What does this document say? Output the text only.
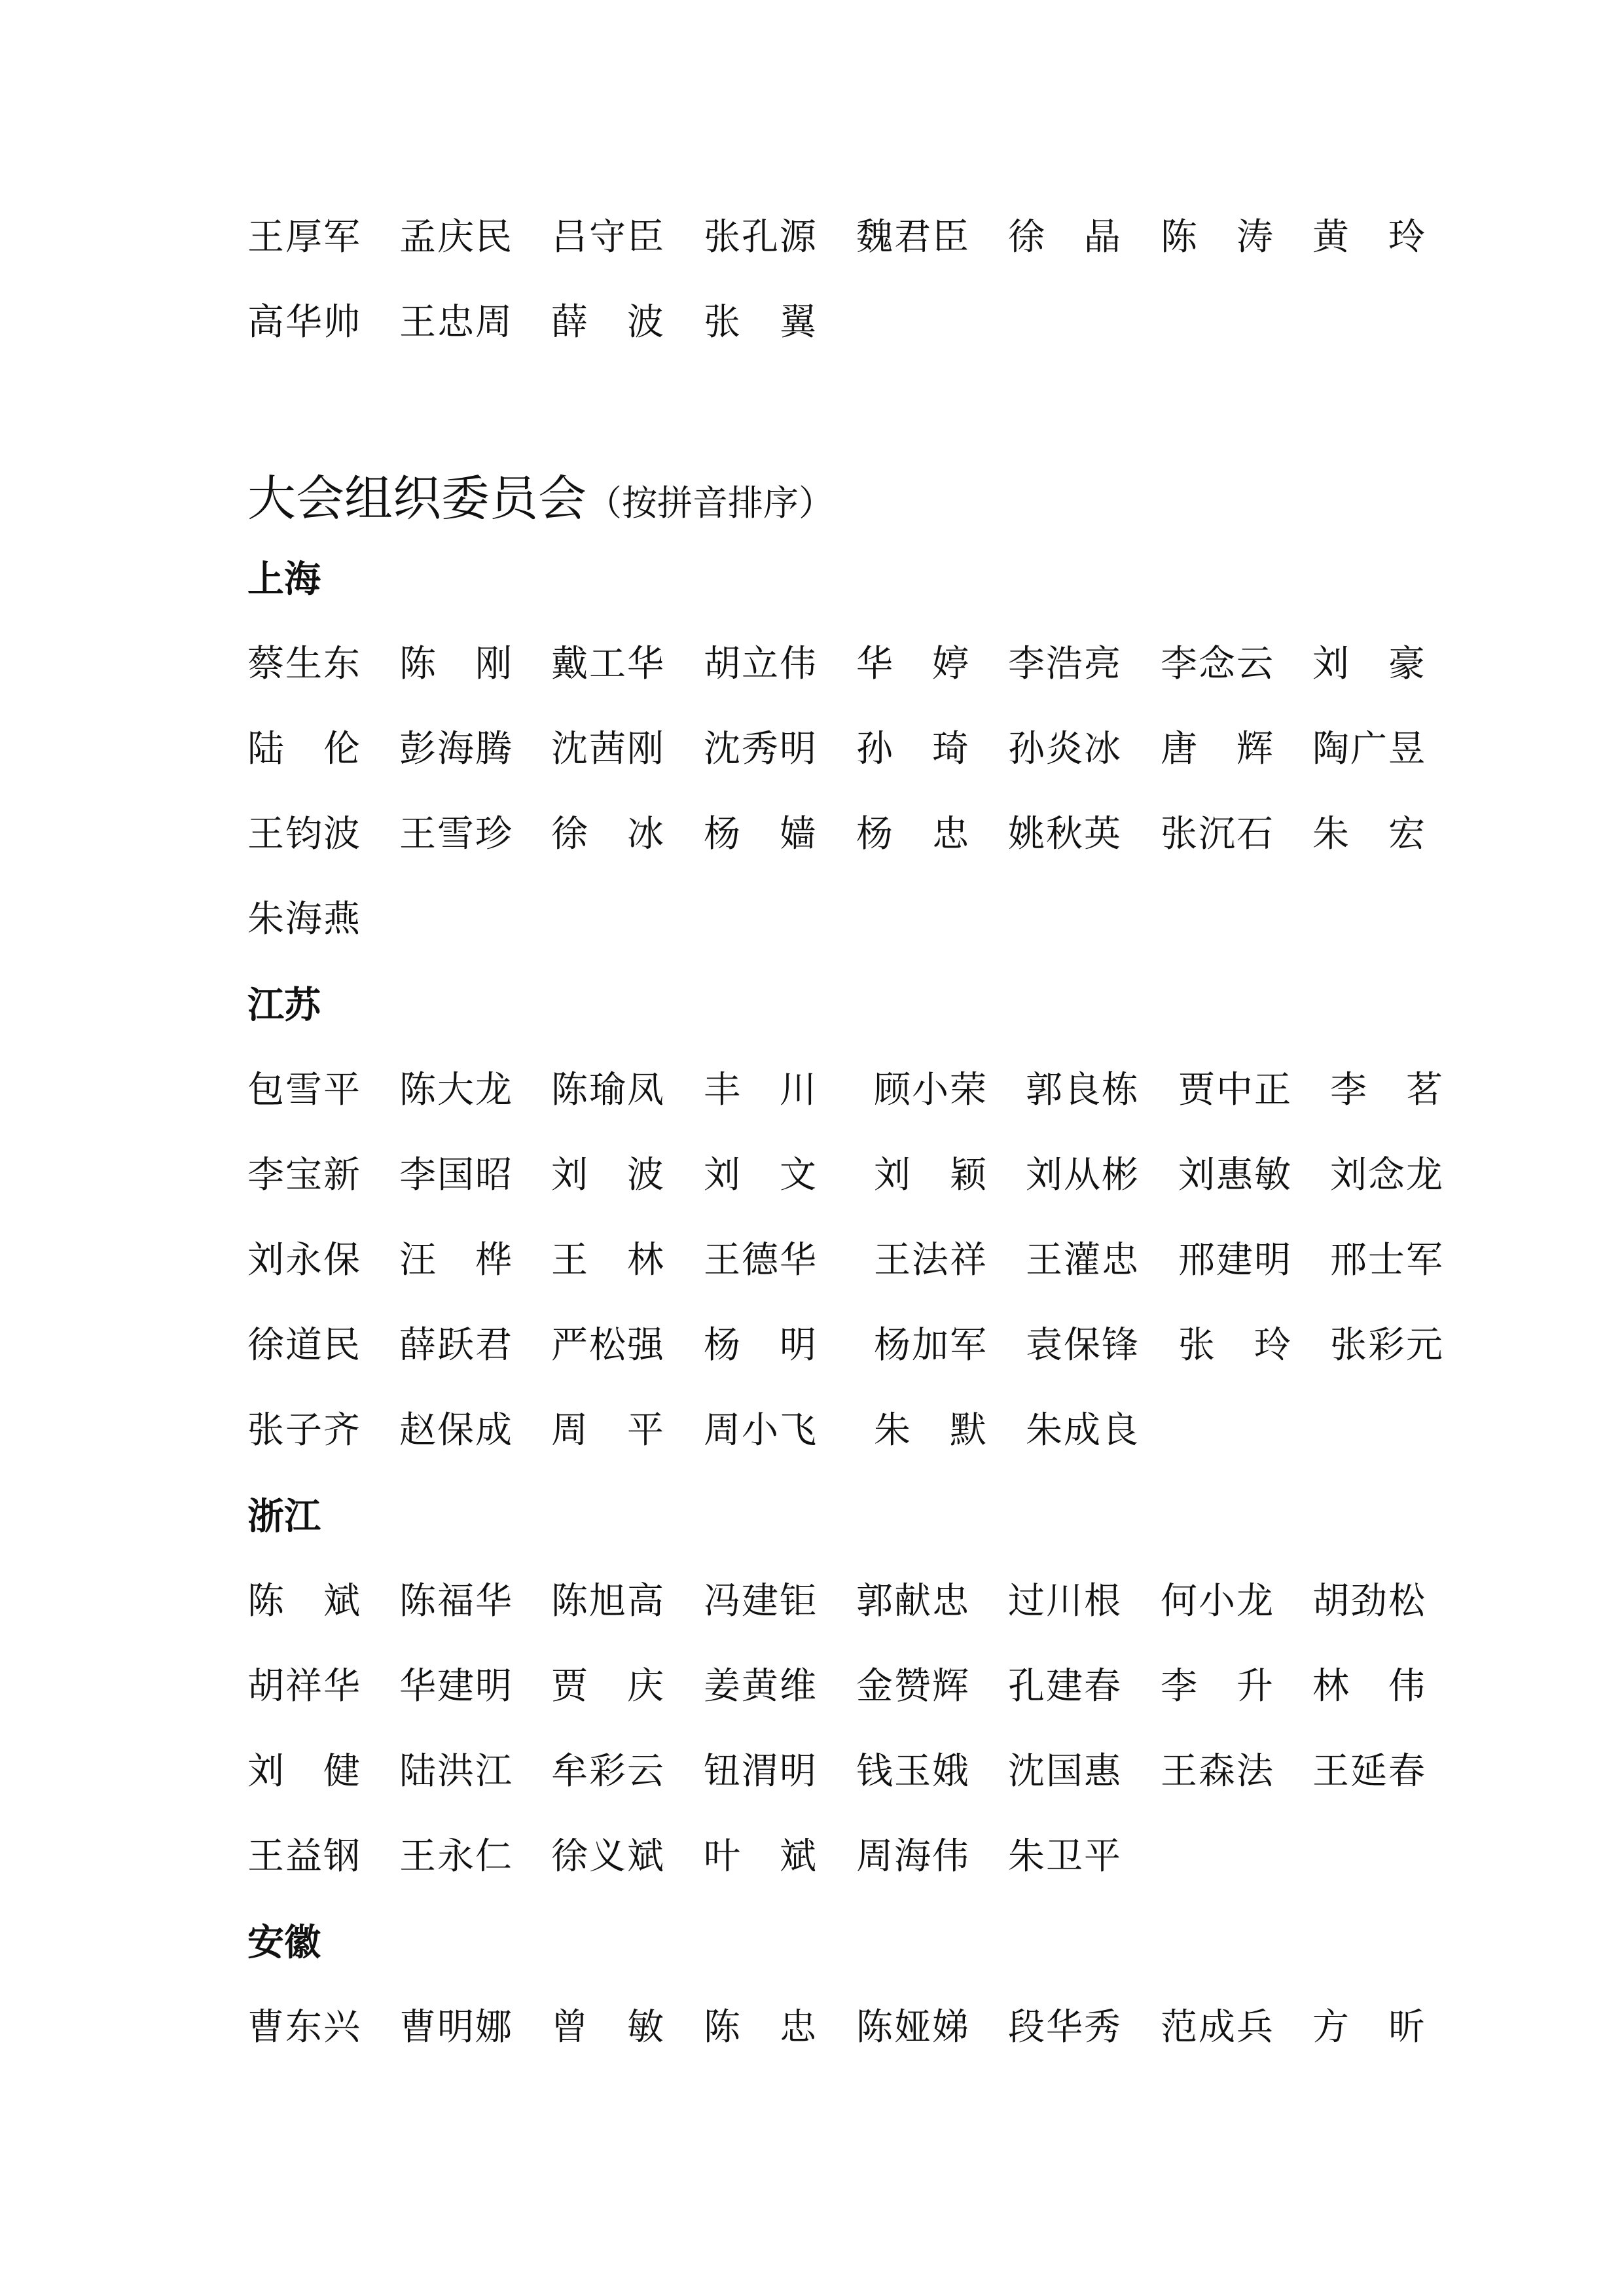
王厚军 孟庆民 吕守臣 张孔源 魏君臣 徐　晶 陈　涛 黄　玲
高华帅 王忠周 薛　波 张　翼
大会组织委员会（按拼音排序）
上海
蔡生东 陈　刚 戴工华 胡立伟 华　婷 李浩亮 李念云 刘　豪
陆　伦 彭海腾 沈茜刚 沈秀明 孙　琦 孙炎冰 唐　辉 陶广昱
王钧波 王雪珍 徐　冰 杨　嫱 杨　忠 姚秋英 张沉石 朱　宏
朱海燕
江苏
包雪平 陈大龙 陈瑜凤 丰　川 顾小荣 郭良栋 贾中正 李　茗
李宝新 李国昭 刘　波 刘　文 刘　颖 刘从彬 刘惠敏 刘念龙
刘永保 汪　桦 王　林 王德华 王法祥 王灌忠 邢建明 邢士军
徐道民 薛跃君 严松强 杨　明 杨加军 袁保锋 张　玲 张彩元
张子齐 赵保成 周　平 周小飞 朱　默 朱成良
浙江
陈　斌 陈福华 陈旭高 冯建钜 郭献忠 过川根 何小龙 胡劲松
胡祥华 华建明 贾　庆 姜黄维 金赞辉 孔建春 李　升 林　伟
刘　健 陆洪江 牟彩云 钮渭明 钱玉娥 沈国惠 王森法 王延春
王益钢 王永仁 徐义斌 叶　斌 周海伟 朱卫平
安徽
曹东兴 曹明娜 曾　敏 陈　忠 陈娅娣 段华秀 范成兵 方　昕
